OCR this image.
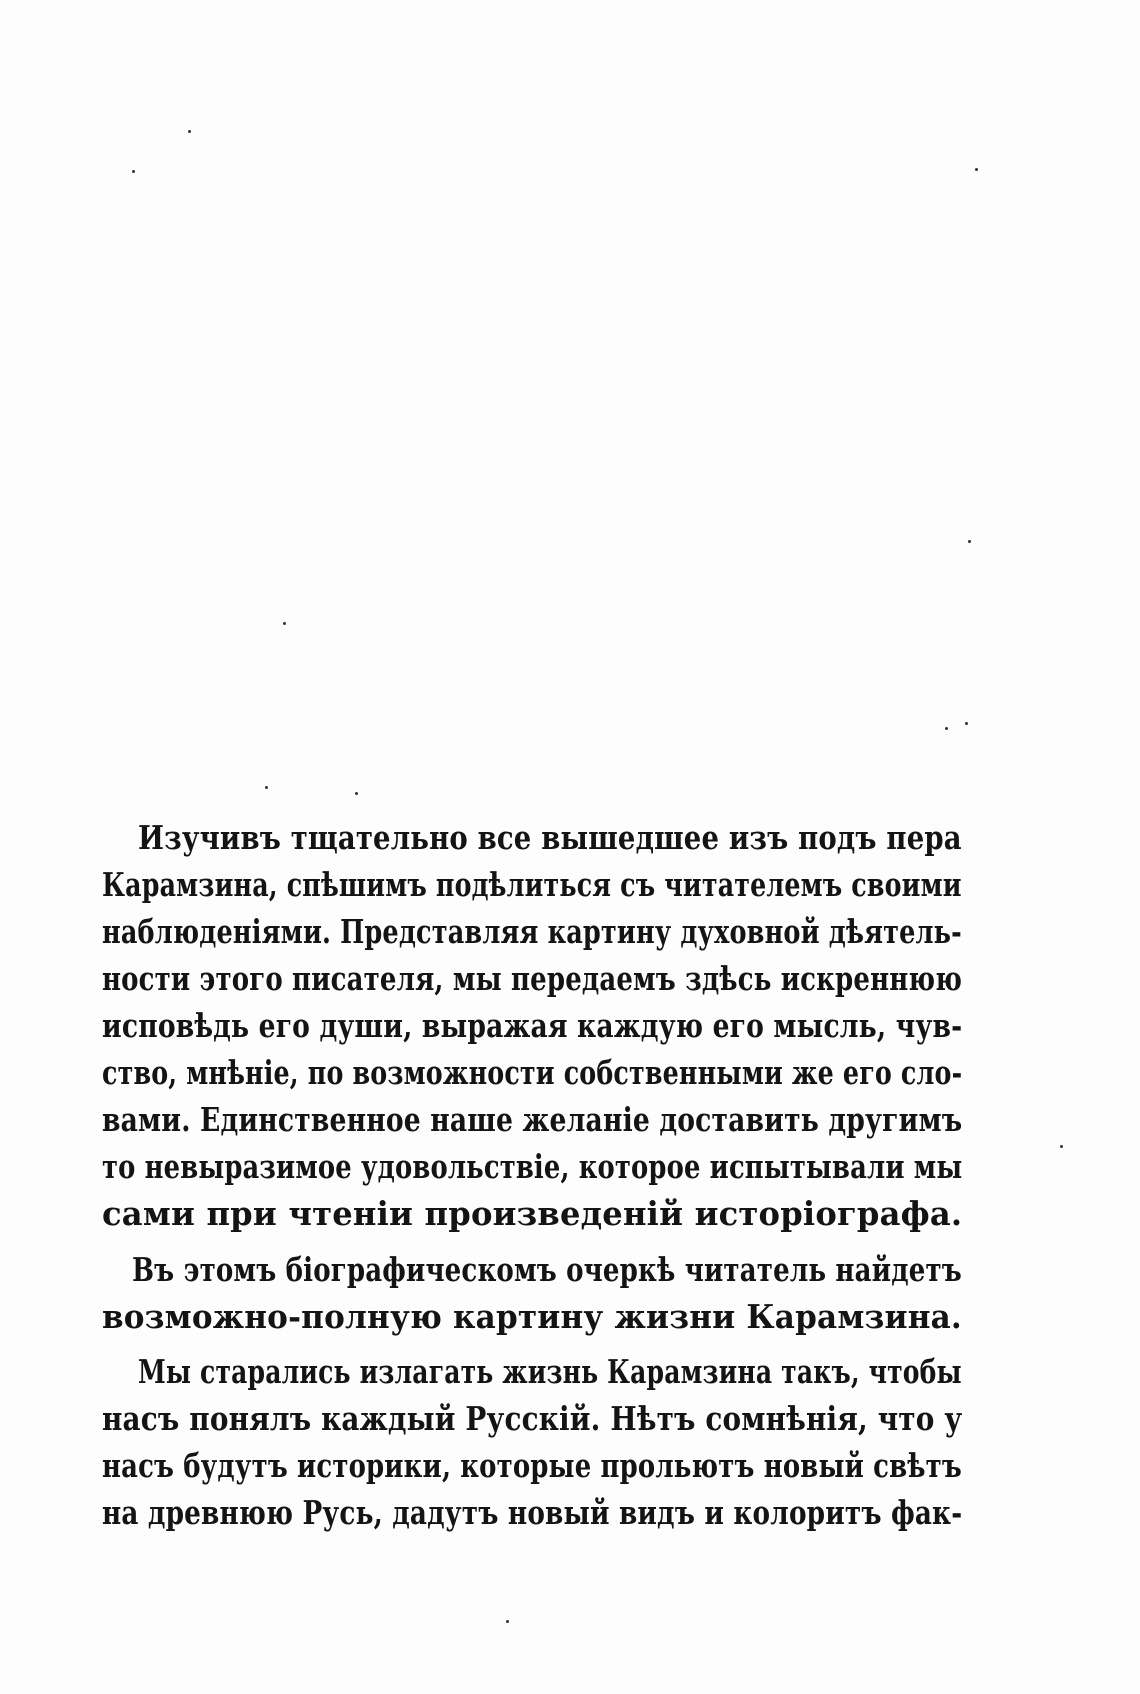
Изучивъ тщательно все вышедшее изъ подъ пера
Карамзина, спѣшимъ подѣлиться съ читателемъ своими
наблюденіями. Представляя картину духовной дѣятель-
ности этого писателя, мы передаемъ здѣсь искреннюю
исповѣдь его души, выражая каждую его мысль, чув-
ство, мнѣніе, по возможности собственными же его сло-
вами. Единственное наше желаніе доставить другимъ
то невыразимое удовольствіе, которое испытывали мы
сами при чтеніи произведеній исторіографа.
Въ этомъ біографическомъ очеркѣ читатель найдетъ
возможно-полную картину жизни Карамзина.
Мы старались излагать жизнь Карамзина такъ, чтобы
насъ понялъ каждый Русскій. Нѣтъ сомнѣнія, что у
насъ будутъ историки, которые прольютъ новый свѣтъ
на древнюю Русь, дадутъ новый видъ и колоритъ фак-
